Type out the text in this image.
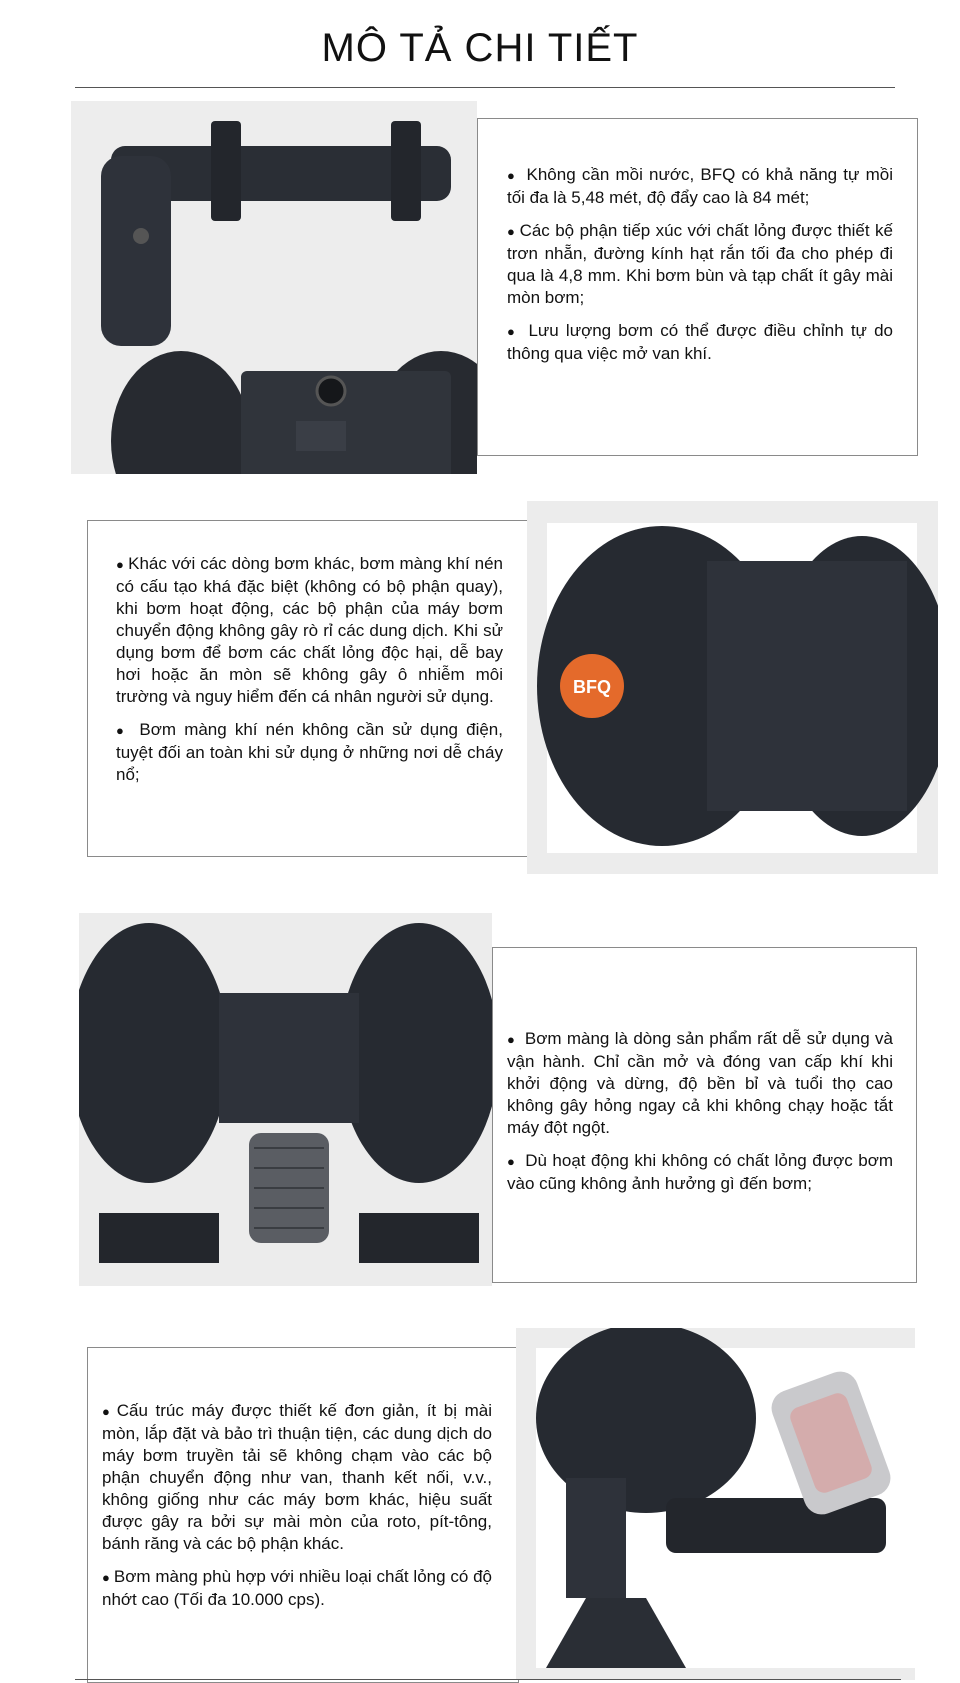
MÔ TẢ CHI TIẾT

● Không cần mồi nước, BFQ có khả năng tự mồi tối đa là 5,48 mét, độ đẩy cao là 84 mét;

● Các bộ phận tiếp xúc với chất lỏng được thiết kế trơn nhẵn, đường kính hạt rắn tối đa cho phép đi qua là 4,8 mm. Khi bơm bùn và tạp chất ít gây mài mòn bơm;

● Lưu lượng bơm có thể được điều chỉnh tự do thông qua việc mở van khí.

● Khác với các dòng bơm khác, bơm màng khí nén có cấu tạo khá đặc biệt (không có bộ phận quay), khi bơm hoạt động, các bộ phận của máy bơm chuyển động không gây rò rỉ các dung dịch. Khi sử dụng bơm để bơm các chất lỏng độc hại, dễ bay hơi hoặc ăn mòn sẽ không gây ô nhiễm môi trường và nguy hiểm đến cá nhân người sử dụng.

● Bơm màng khí nén không cần sử dụng điện, tuyệt đối an toàn khi sử dụng ở những nơi dễ cháy nổ;

BFQ

● Bơm màng là dòng sản phẩm rất dễ sử dụng và vận hành. Chỉ cần mở và đóng van cấp khí khi khởi động và dừng, độ bền bỉ và tuổi thọ cao không gây hỏng ngay cả khi không chạy hoặc tắt máy đột ngột.

● Dù hoạt động khi không có chất lỏng được bơm vào cũng không ảnh hưởng gì đến bơm;

● Cấu trúc máy được thiết kế đơn giản, ít bị mài mòn, lắp đặt và bảo trì thuận tiện, các dung dịch do máy bơm truyền tải sẽ không chạm vào các bộ phận chuyển động như van, thanh kết nối, v.v., không giống như các máy bơm khác, hiệu suất được gây ra bởi sự mài mòn của roto, pít-tông, bánh răng và các bộ phận khác.

● Bơm màng phù hợp với nhiều loại chất lỏng có độ nhớt cao (Tối đa 10.000 cps).
